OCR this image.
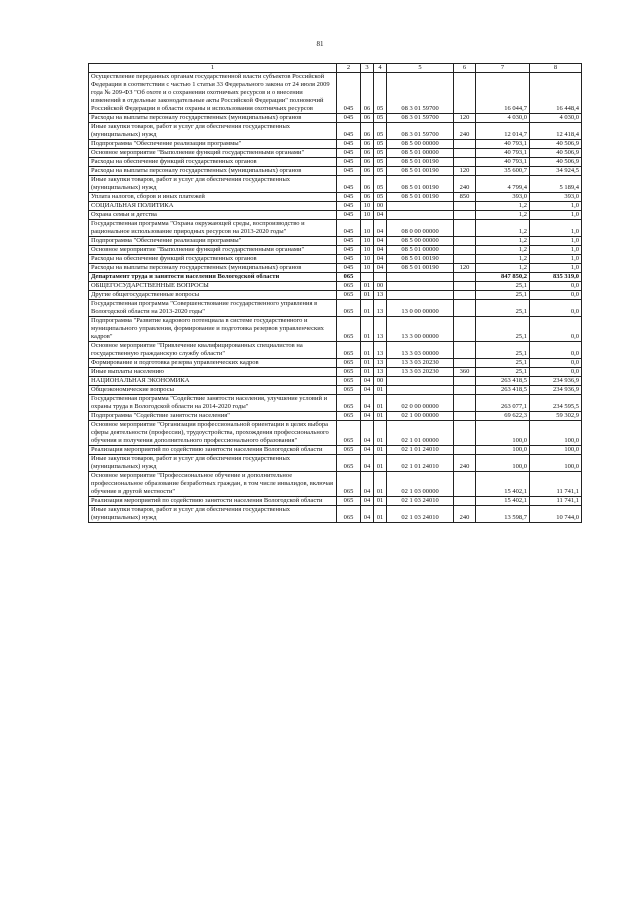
81
1	2	3	4	5	6	7	8
Осуществление переданных органам государственной власти субъектов Российской Федерации в соответствии с частью 1 статьи 33 Федерального закона от 24 июля 2009 года № 209-ФЗ "Об охоте и о сохранении охотничьих ресурсов и о внесении изменений в отдельные законодательные акты Российской Федерации" полномочий Российской Федерации в области охраны и использования охотничьих ресурсов	045	06	05	08 3 01 59700		16 044,7	16 448,4
Расходы на выплаты персоналу государственных (муниципальных) органов	045	06	05	08 3 01 59700	120	4 030,0	4 030,0
Иные закупки товаров, работ и услуг для обеспечения государственных (муниципальных) нужд	045	06	05	08 3 01 59700	240	12 014,7	12 418,4
Подпрограмма "Обеспечение реализации программы"	045	06	05	08 5 00 00000		40 793,1	40 506,9
Основное мероприятие "Выполнение функций государственными органами"	045	06	05	08 5 01 00000		40 793,1	40 506,9
Расходы на обеспечение функций государственных органов	045	06	05	08 5 01 00190		40 793,1	40 506,9
Расходы на выплаты персоналу государственных (муниципальных) органов	045	06	05	08 5 01 00190	120	35 600,7	34 924,5
Иные закупки товаров, работ и услуг для обеспечения государственных (муниципальных) нужд	045	06	05	08 5 01 00190	240	4 799,4	5 189,4
Уплата налогов, сборов и иных платежей	045	06	05	08 5 01 00190	850	393,0	393,0
СОЦИАЛЬНАЯ ПОЛИТИКА	045	10	00			1,2	1,0
Охрана семьи и детства	045	10	04			1,2	1,0
Государственная программа "Охрана окружающей среды, воспроизводство и рациональное использование природных ресурсов на 2013-2020 годы"	045	10	04	08 0 00 00000		1,2	1,0
Подпрограмма "Обеспечение реализации программы"	045	10	04	08 5 00 00000		1,2	1,0
Основное мероприятие "Выполнение функций государственными органами"	045	10	04	08 5 01 00000		1,2	1,0
Расходы на обеспечение функций государственных органов	045	10	04	08 5 01 00190		1,2	1,0
Расходы на выплаты персоналу государственных (муниципальных) органов	045	10	04	08 5 01 00190	120	1,2	1,0
Департамент труда и занятости населения Вологодской области	065					847 850,2	835 319,0
ОБЩЕГОСУДАРСТВЕННЫЕ ВОПРОСЫ	065	01	00			25,1	0,0
Другие общегосударственные вопросы	065	01	13			25,1	0,0
Государственная программа "Совершенствование государственного управления в Вологодской области на 2013-2020 годы"	065	01	13	13 0 00 00000		25,1	0,0
Подпрограмма "Развитие кадрового потенциала в системе государственного и муниципального управления, формирование и подготовка резервов управленческих кадров"	065	01	13	13 3 00 00000		25,1	0,0
Основное мероприятие "Привлечение квалифицированных специалистов на государственную гражданскую службу области"	065	01	13	13 3 03 00000		25,1	0,0
Формирование и подготовка резерва управленческих кадров	065	01	13	13 3 03 20230		25,1	0,0
Иные выплаты населению	065	01	13	13 3 03 20230	360	25,1	0,0
НАЦИОНАЛЬНАЯ ЭКОНОМИКА	065	04	00			263 418,5	234 936,9
Общеэкономические вопросы	065	04	01			263 418,5	234 936,9
Государственная программа "Содействие занятости населения, улучшение условий и охраны труда в Вологодской области на 2014-2020 годы"	065	04	01	02 0 00 00000		263 077,1	234 595,5
Подпрограмма "Содействие занятости населения"	065	04	01	02 1 00 00000		69 622,3	59 302,9
Основное мероприятие "Организация профессиональной ориентации в целях выбора сферы деятельности (профессии), трудоустройства, прохождения профессионального обучения и получения дополнительного профессионального образования"	065	04	01	02 1 01 00000		100,0	100,0
Реализация мероприятий по содействию занятости населения Вологодской области	065	04	01	02 1 01 24010		100,0	100,0
Иные закупки товаров, работ и услуг для обеспечения государственных (муниципальных) нужд	065	04	01	02 1 01 24010	240	100,0	100,0
Основное мероприятие "Профессиональное обучение и дополнительное профессиональное образование безработных граждан, в том числе инвалидов, включая обучение в другой местности"	065	04	01	02 1 03 00000		15 402,1	11 741,1
Реализация мероприятий по содействию занятости населения Вологодской области	065	04	01	02 1 03 24010		15 402,1	11 741,1
Иные закупки товаров, работ и услуг для обеспечения государственных (муниципальных) нужд	065	04	01	02 1 03 24010	240	13 598,7	10 744,0
